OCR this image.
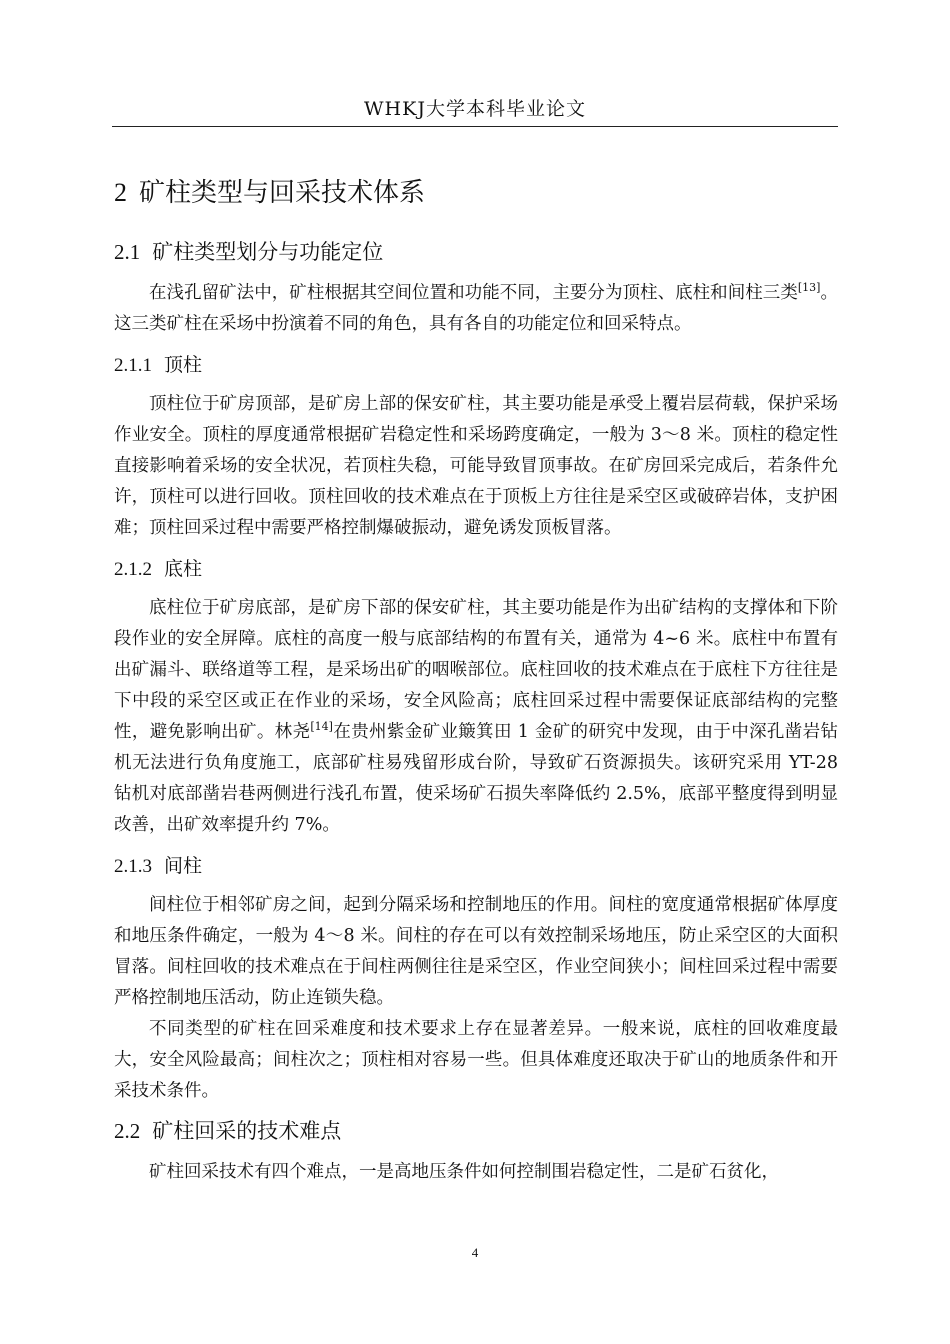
WHKJ大学本科毕业论文
2 矿柱类型与回采技术体系
2.1 矿柱类型划分与功能定位

在浅孔留矿法中，矿柱根据其空间位置和功能不同，主要分为顶柱、底柱和间柱三类[13]。这三类矿柱在采场中扮演着不同的角色，具有各自的功能定位和回采特点。

2.1.1 顶柱

顶柱位于矿房顶部，是矿房上部的保安矿柱，其主要功能是承受上覆岩层荷载，保护采场作业安全。顶柱的厚度通常根据矿岩稳定性和采场跨度确定，一般为 3～8 米。顶柱的稳定性直接影响着采场的安全状况，若顶柱失稳，可能导致冒顶事故。在矿房回采完成后，若条件允许，顶柱可以进行回收。顶柱回收的技术难点在于顶板上方往往是采空区或破碎岩体，支护困难；顶柱回采过程中需要严格控制爆破振动，避免诱发顶板冒落。

2.1.2 底柱

底柱位于矿房底部，是矿房下部的保安矿柱，其主要功能是作为出矿结构的支撑体和下阶段作业的安全屏障。底柱的高度一般与底部结构的布置有关，通常为 4~6 米。底柱中布置有出矿漏斗、联络道等工程，是采场出矿的咽喉部位。底柱回收的技术难点在于底柱下方往往是下中段的采空区或正在作业的采场，安全风险高；底柱回采过程中需要保证底部结构的完整性，避免影响出矿。林尧[14]在贵州紫金矿业簸箕田 1 金矿的研究中发现，由于中深孔凿岩钻机无法进行负角度施工，底部矿柱易残留形成台阶，导致矿石资源损失。该研究采用 YT-28 钻机对底部凿岩巷两侧进行浅孔布置，使采场矿石损失率降低约 2.5%，底部平整度得到明显改善，出矿效率提升约 7%。

2.1.3 间柱

间柱位于相邻矿房之间，起到分隔采场和控制地压的作用。间柱的宽度通常根据矿体厚度和地压条件确定，一般为 4～8 米。间柱的存在可以有效控制采场地压，防止采空区的大面积冒落。间柱回收的技术难点在于间柱两侧往往是采空区，作业空间狭小；间柱回采过程中需要严格控制地压活动，防止连锁失稳。

不同类型的矿柱在回采难度和技术要求上存在显著差异。一般来说，底柱的回收难度最大，安全风险最高；间柱次之；顶柱相对容易一些。但具体难度还取决于矿山的地质条件和开采技术条件。

2.2 矿柱回采的技术难点

矿柱回采技术有四个难点，一是高地压条件如何控制围岩稳定性，二是矿石贫化，

4
